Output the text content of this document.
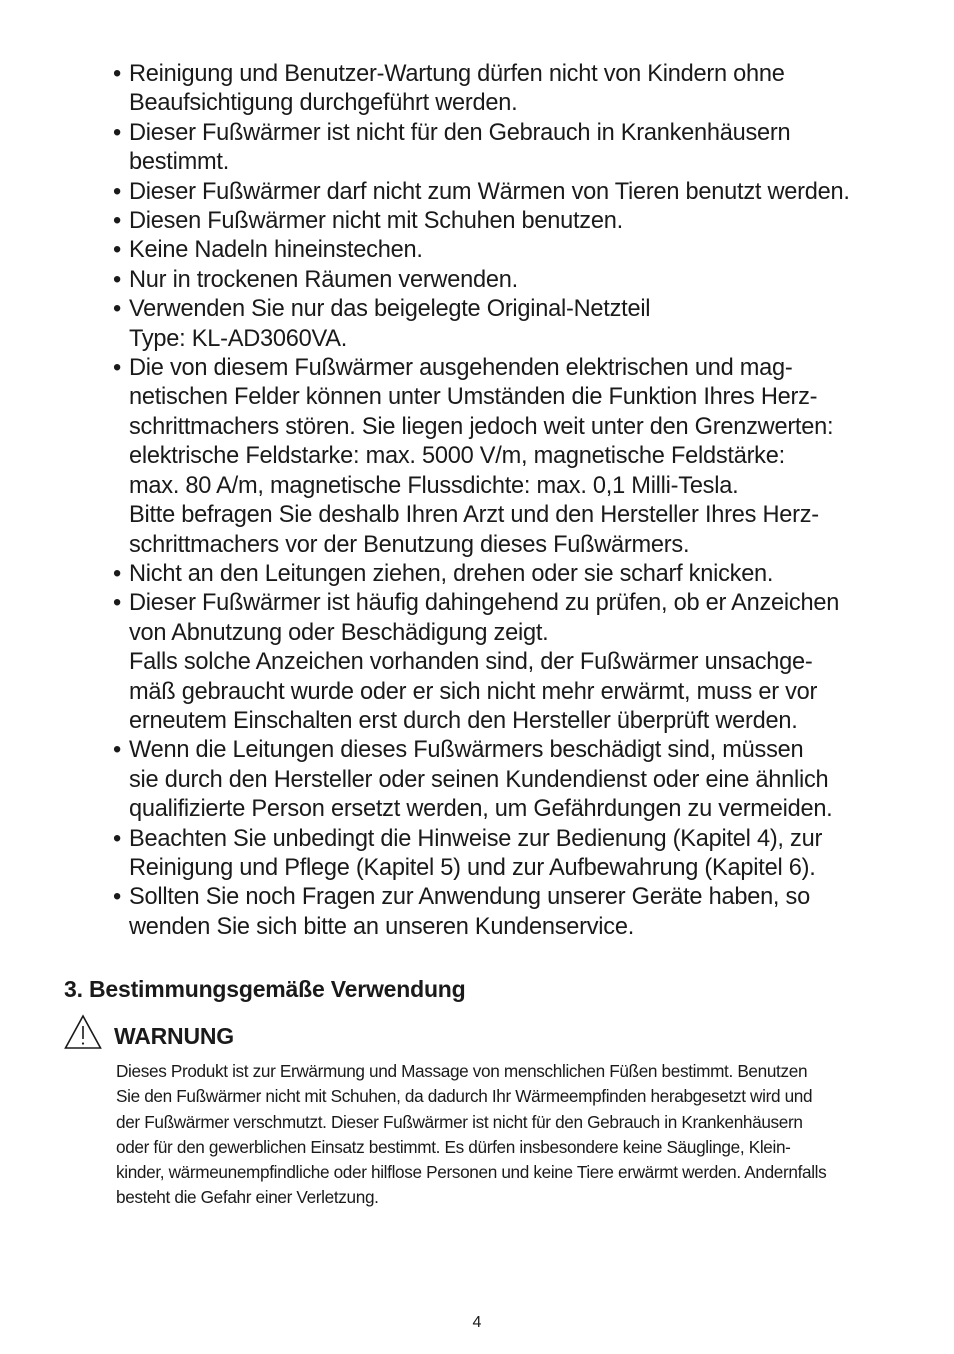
• Reinigung und Benutzer-Wartung dürfen nicht von Kindern ohne
Beaufsichtigung durchgeführt werden.
• Dieser Fußwärmer ist nicht für den Gebrauch in Krankenhäusern
bestimmt.
• Dieser Fußwärmer darf nicht zum Wärmen von Tieren benutzt werden.
• Diesen Fußwärmer nicht mit Schuhen benutzen.
• Keine Nadeln hineinstechen.
• Nur in trockenen Räumen verwenden.
• Verwenden Sie nur das beigelegte Original-Netzteil
Type: KL-AD3060VA.
• Die von diesem Fußwärmer ausgehenden elektrischen und mag-
netischen Felder können unter Umständen die Funktion Ihres Herz-
schrittmachers stören. Sie liegen jedoch weit unter den Grenzwerten:
elektrische Feldstarke: max. 5000 V/m, magnetische Feldstärke:
max. 80 A/m, magnetische Flussdichte: max. 0,1 Milli-Tesla.
Bitte befragen Sie deshalb Ihren Arzt und den Hersteller Ihres Herz-
schrittmachers vor der Benutzung dieses Fußwärmers.
• Nicht an den Leitungen ziehen, drehen oder sie scharf knicken.
• Dieser Fußwärmer ist häufig dahingehend zu prüfen, ob er Anzeichen
von Abnutzung oder Beschädigung zeigt.
Falls solche Anzeichen vorhanden sind, der Fußwärmer unsachge-
mäß gebraucht wurde oder er sich nicht mehr erwärmt, muss er vor
erneutem Einschalten erst durch den Hersteller überprüft werden.
• Wenn die Leitungen dieses Fußwärmers beschädigt sind, müssen
sie durch den Hersteller oder seinen Kundendienst oder eine ähnlich
qualifizierte Person ersetzt werden, um Gefährdungen zu vermeiden.
• Beachten Sie unbedingt die Hinweise zur Bedienung (Kapitel 4), zur
Reinigung und Pflege (Kapitel 5) und zur Aufbewahrung (Kapitel 6).
• Sollten Sie noch Fragen zur Anwendung unserer Geräte haben, so
wenden Sie sich bitte an unseren Kundenservice.
3. Bestimmungsgemäße Verwendung
WARNUNG
Dieses Produkt ist zur Erwärmung und Massage von menschlichen Füßen bestimmt. Benutzen
Sie den Fußwärmer nicht mit Schuhen, da dadurch Ihr Wärmeempfinden herabgesetzt wird und
der Fußwärmer verschmutzt. Dieser Fußwärmer ist nicht für den Gebrauch in Krankenhäusern
oder für den gewerblichen Einsatz bestimmt. Es dürfen insbesondere keine Säuglinge, Klein-
kinder, wärmeunempfindliche oder hilflose Personen und keine Tiere erwärmt werden. Andernfalls
besteht die Gefahr einer Verletzung.
4
